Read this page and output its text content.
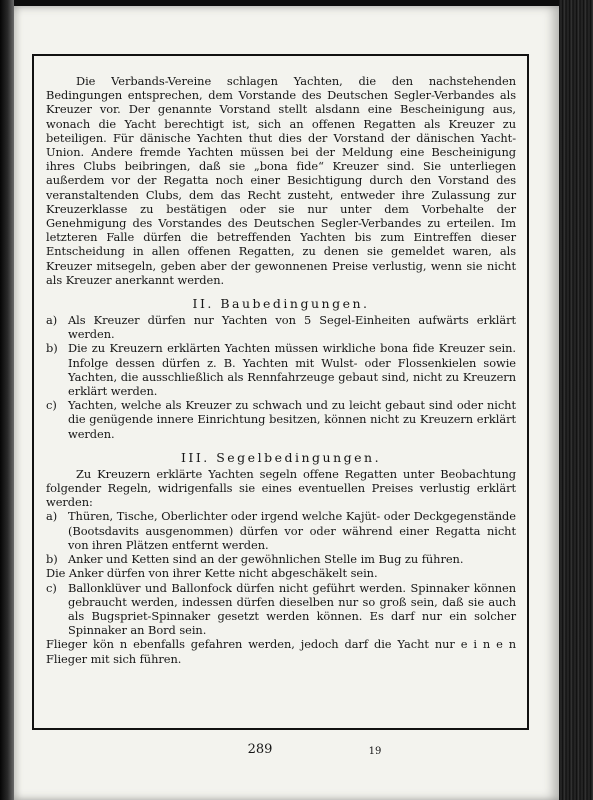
Die Verbands-Vereine schlagen Yachten, die den nachstehenden Bedingungen entsprechen, dem Vorstande des Deutschen Segler-Verbandes als Kreuzer vor. Der genannte Vorstand stellt alsdann eine Bescheinigung aus, wonach die Yacht berechtigt ist, sich an offenen Regatten als Kreuzer zu beteiligen. Für dänische Yachten thut dies der Vorstand der dänischen Yacht-Union. Andere fremde Yachten müssen bei der Meldung eine Bescheinigung ihres Clubs beibringen, daß sie „bona fide“ Kreuzer sind. Sie unterliegen außerdem vor der Regatta noch einer Besichtigung durch den Vorstand des veranstaltenden Clubs, dem das Recht zusteht, entweder ihre Zulassung zur Kreuzerklasse zu bestätigen oder sie nur unter dem Vorbehalte der Genehmigung des Vorstandes des Deutschen Segler-Verbandes zu erteilen. Im letzteren Falle dürfen die betreffenden Yachten bis zum Eintreffen dieser Entscheidung in allen offenen Regatten, zu denen sie gemeldet waren, als Kreuzer mitsegeln, geben aber der gewonnenen Preise verlustig, wenn sie nicht als Kreuzer anerkannt werden.

II. Baubedingungen.
a) Als Kreuzer dürfen nur Yachten von 5 Segel-Einheiten aufwärts erklärt werden.
b) Die zu Kreuzern erklärten Yachten müssen wirkliche bona fide Kreuzer sein. Infolge dessen dürfen z. B. Yachten mit Wulst- oder Flossenkielen sowie Yachten, die ausschließlich als Rennfahrzeuge gebaut sind, nicht zu Kreuzern erklärt werden.
c) Yachten, welche als Kreuzer zu schwach und zu leicht gebaut sind oder nicht die genügende innere Einrichtung besitzen, können nicht zu Kreuzern erklärt werden.
III. Segelbedingungen.

Zu Kreuzern erklärte Yachten segeln offene Regatten unter Beobachtung folgender Regeln, widrigenfalls sie eines eventuellen Preises verlustig erklärt werden:

a) Thüren, Tische, Oberlichter oder irgend welche Kajüt- oder Deckgegenstände (Bootsdavits ausgenommen) dürfen vor oder während einer Regatta nicht von ihren Plätzen entfernt werden.
b) Anker und Ketten sind an der gewöhnlichen Stelle im Bug zu führen.

Die Anker dürfen von ihrer Kette nicht abgeschäkelt sein.

c) Ballonklüver und Ballonfock dürfen nicht geführt werden. Spinnaker können gebraucht werden, indessen dürfen dieselben nur so groß sein, daß sie auch als Bugspriet-Spinnaker gesetzt werden können. Es darf nur ein solcher Spinnaker an Bord sein.

Flieger kön n ebenfalls gefahren werden, jedoch darf die Yacht nur e i n e n Flieger mit sich führen.

289	19
